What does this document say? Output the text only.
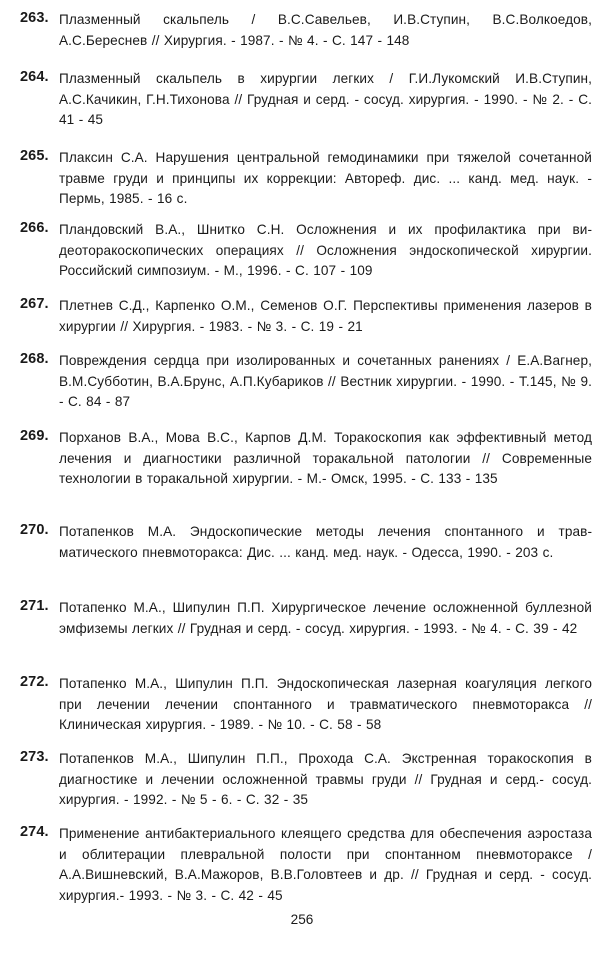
263. Плазменный скальпель / В.С.Савельев, И.В.Ступин, В.С.Волкоедов, А.С.Береснев // Хирургия. - 1987. - № 4. - С. 147 - 148
264. Плазменный скальпель в хирургии легких / Г.И.Лукомский И.В.Ступин, А.С.Качикин, Г.Н.Тихонова // Грудная и серд. - сосуд. хирургия. - 1990. - № 2. - С. 41 - 45
265. Плаксин С.А. Нарушения центральной гемодинамики при тяжелой сочетанной травме груди и принципы их коррекции: Автореф. дис. ... канд. мед. наук. - Пермь, 1985. - 16 с.
266. Пландовский В.А., Шнитко С.Н. Осложнения и их профилактика при видеоторакоскопических операциях // Осложнения эндоскопической хирургии. Российский симпозиум. - М., 1996. - С. 107 - 109
267. Плетнев С.Д., Карпенко О.М., Семенов О.Г. Перспективы применения лазеров в хирургии // Хирургия. - 1983. - № 3. - С. 19 - 21
268. Повреждения сердца при изолированных и сочетанных ранениях / Е.А.Вагнер, В.М.Субботин, В.А.Брунс, А.П.Кубариков // Вестник хирургии. - 1990. - Т.145, № 9. - С. 84 - 87
269. Порханов В.А., Мова В.С., Карпов Д.М. Торакоскопия как эффективный метод лечения и диагностики различной торакальной патологии // Современные технологии в торакальной хирургии. - М.- Омск, 1995. - С. 133 - 135
270. Потапенков М.А. Эндоскопические методы лечения спонтанного и травматического пневмоторакса: Дис. ... канд. мед. наук. - Одесса, 1990. - 203 с.
271. Потапенко М.А., Шипулин П.П. Хирургическое лечение осложненной буллезной эмфиземы легких // Грудная и серд. - сосуд. хирургия. - 1993. - № 4. - С. 39 - 42
272. Потапенко М.А., Шипулин П.П. Эндоскопическая лазерная коагуляция легкого при лечении лечении спонтанного и травматического пневмоторакса // Клиническая хирургия. - 1989. - № 10. - С. 58 - 58
273. Потапенков М.А., Шипулин П.П., Прохода С.А. Экстренная торакоскопия в диагностике и лечении осложненной травмы груди // Грудная и серд.- сосуд. хирургия. - 1992. - № 5 - 6. - С. 32 - 35
274. Применение антибактериального клеящего средства для обеспечения аэростаза и облитерации плевральной полости при спонтанном пневмотораксе / А.А.Вишневский, В.А.Мажоров, В.В.Головтеев и др. // Грудная и серд. - сосуд. хирургия.- 1993. - № 3. - С. 42 - 45
256
